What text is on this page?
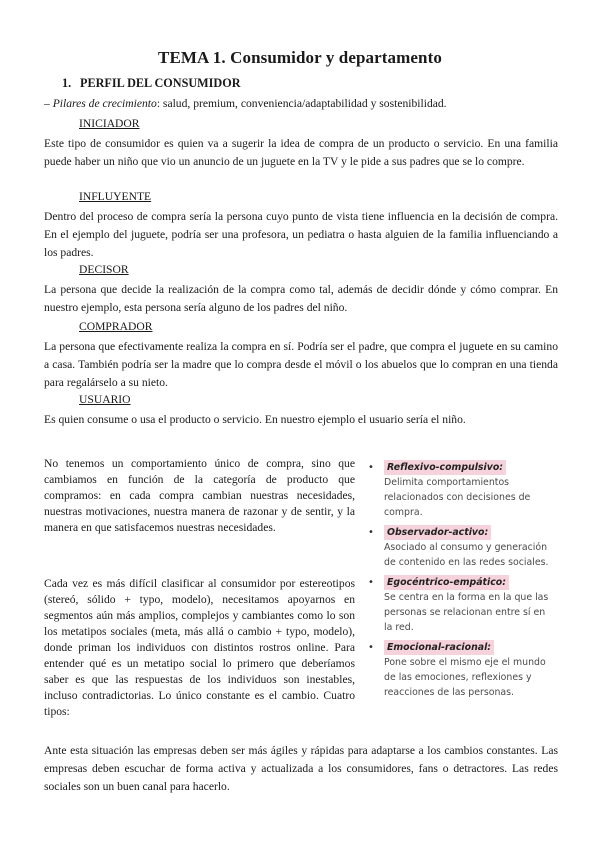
TEMA 1. Consumidor y departamento
1. PERFIL DEL CONSUMIDOR

– Pilares de crecimiento: salud, premium, conveniencia/adaptabilidad y sostenibilidad.

INICIADOR

Este tipo de consumidor es quien va a sugerir la idea de compra de un producto o servicio. En una familia puede haber un niño que vio un anuncio de un juguete en la TV y le pide a sus padres que se lo compre.

INFLUYENTE

Dentro del proceso de compra sería la persona cuyo punto de vista tiene influencia en la decisión de compra. En el ejemplo del juguete, podría ser una profesora, un pediatra o hasta alguien de la familia influenciando a los padres.

DECISOR

La persona que decide la realización de la compra como tal, además de decidir dónde y cómo comprar. En nuestro ejemplo, esta persona sería alguno de los padres del niño.

COMPRADOR

La persona que efectivamente realiza la compra en sí. Podría ser el padre, que compra el juguete en su camino a casa. También podría ser la madre que lo compra desde el móvil o los abuelos que lo compran en una tienda para regalárselo a su nieto.

USUARIO

Es quien consume o usa el producto o servicio. En nuestro ejemplo el usuario sería el niño.

No tenemos un comportamiento único de compra, sino que cambiamos en función de la categoría de producto que compramos: en cada compra cambian nuestras necesidades, nuestras motivaciones, nuestra manera de razonar y de sentir, y la manera en que satisfacemos nuestras necesidades.

Cada vez es más difícil clasificar al consumidor por estereotipos (stereó, sólido + typo, modelo), necesitamos apoyarnos en segmentos aún más amplios, complejos y cambiantes como lo son los metatipos sociales (meta, más allá o cambio + typo, modelo), donde priman los individuos con distintos rostros online. Para entender qué es un metatipo social lo primero que deberíamos saber es que las respuestas de los individuos son inestables, incluso contradictorias. Lo único constante es el cambio. Cuatro tipos:

• Reflexivo-compulsivo:
Delimita comportamientos relacionados con decisiones de compra.
• Observador-activo:
Asociado al consumo y generación de contenido en las redes sociales.
• Egocéntrico-empático:
Se centra en la forma en la que las personas se relacionan entre sí en la red.
• Emocional-racional:
Pone sobre el mismo eje el mundo de las emociones, reflexiones y reacciones de las personas.

Ante esta situación las empresas deben ser más ágiles y rápidas para adaptarse a los cambios constantes. Las empresas deben escuchar de forma activa y actualizada a los consumidores, fans o detractores. Las redes sociales son un buen canal para hacerlo.
